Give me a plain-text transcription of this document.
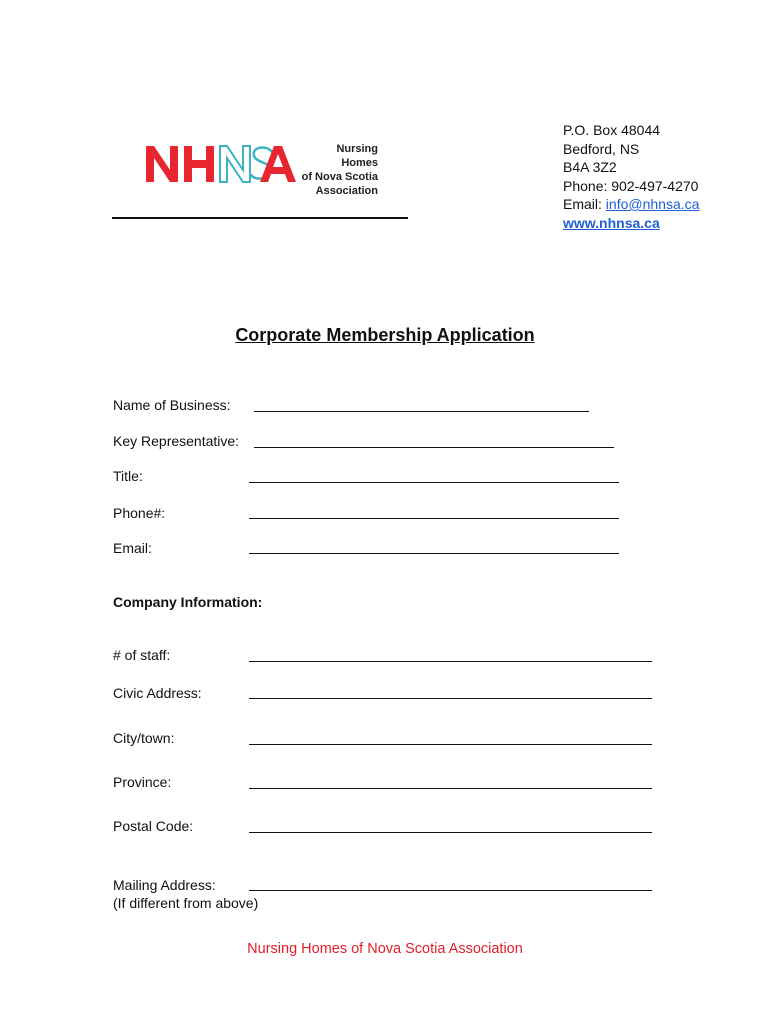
Nursing Homes
of Nova Scotia
Association
P.O. Box 48044
Bedford, NS
B4A 3Z2
Phone: 902-497-4270
Email: info@nhnsa.ca
www.nhnsa.ca
Corporate Membership Application
Name of Business:
Key Representative:
Title:
Phone#:
Email:
Company Information:
# of staff:
Civic Address:
City/town:
Province:
Postal Code:
Mailing Address:
(If different from above)
Nursing Homes of Nova Scotia Association
